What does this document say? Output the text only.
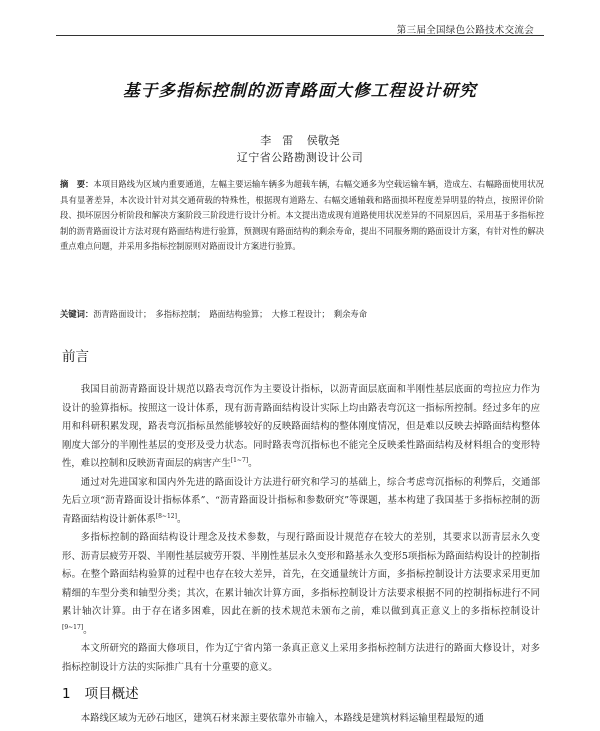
第三届全国绿色公路技术交流会
基于多指标控制的沥青路面大修工程设计研究
李　雷 侯敬尧
辽宁省公路勘测设计公司
摘　要：本项目路线为区域内重要通道，左幅主要运输车辆多为超载车辆，右幅交通多为空载运输车辆，造成左、右幅路面使用状况具有显著差异，本次设计针对其交通荷载的特殊性，根据现有道路左、右幅交通轴载和路面损坏程度差异明显的特点，按照评价阶段、损坏原因分析阶段和解决方案阶段三阶段进行设计分析。本文提出造成现有道路使用状况差异的不同原因后，采用基于多指标控制的沥青路面设计方法对现有路面结构进行验算，预测现有路面结构的剩余寿命，提出不同服务期的路面设计方案，有针对性的解决重点难点问题，并采用多指标控制原则对路面设计方案进行验算。
关键词：沥青路面设计；　多指标控制；　路面结构验算；　大修工程设计；　剩余寿命
前言

我国目前沥青路面设计规范以路表弯沉作为主要设计指标，以沥青面层底面和半刚性基层底面的弯拉应力作为设计的验算指标。按照这一设计体系，现有沥青路面结构设计实际上均由路表弯沉这一指标所控制。经过多年的应用和科研积累发现，路表弯沉指标虽然能够较好的反映路面结构的整体刚度情况，但是难以反映去掉路面结构整体刚度大部分的半刚性基层的变形及受力状态。同时路表弯沉指标也不能完全反映柔性路面结构及材料组合的变形特性，难以控制和反映沥青面层的病害产生[1~7]。

通过对先进国家和国内外先进的路面设计方法进行研究和学习的基础上，综合考虑弯沉指标的利弊后，交通部先后立项“沥青路面设计指标体系”、“沥青路面设计指标和参数研究”等课题，基本构建了我国基于多指标控制的沥青路面结构设计新体系[8~12]。

多指标控制的路面结构设计理念及技术参数，与现行路面设计规范存在较大的差别，其要求以沥青层永久变形、沥青层疲劳开裂、半刚性基层疲劳开裂、半刚性基层永久变形和路基永久变形5项指标为路面结构设计的控制指标。在整个路面结构验算的过程中也存在较大差异，首先，在交通量统计方面，多指标控制设计方法要求采用更加精细的车型分类和轴型分类；其次，在累计轴次计算方面，多指标控制设计方法要求根据不同的控制指标进行不同累计轴次计算。由于存在诸多困难，因此在新的技术规范未颁布之前，难以做到真正意义上的多指标控制设计[9~17]。

本文所研究的路面大修项目，作为辽宁省内第一条真正意义上采用多指标控制方法进行的路面大修设计，对多指标控制设计方法的实际推广具有十分重要的意义。

1 项目概述

本路线区域为无砂石地区，建筑石材来源主要依靠外市输入，本路线是建筑材料运输里程最短的通
